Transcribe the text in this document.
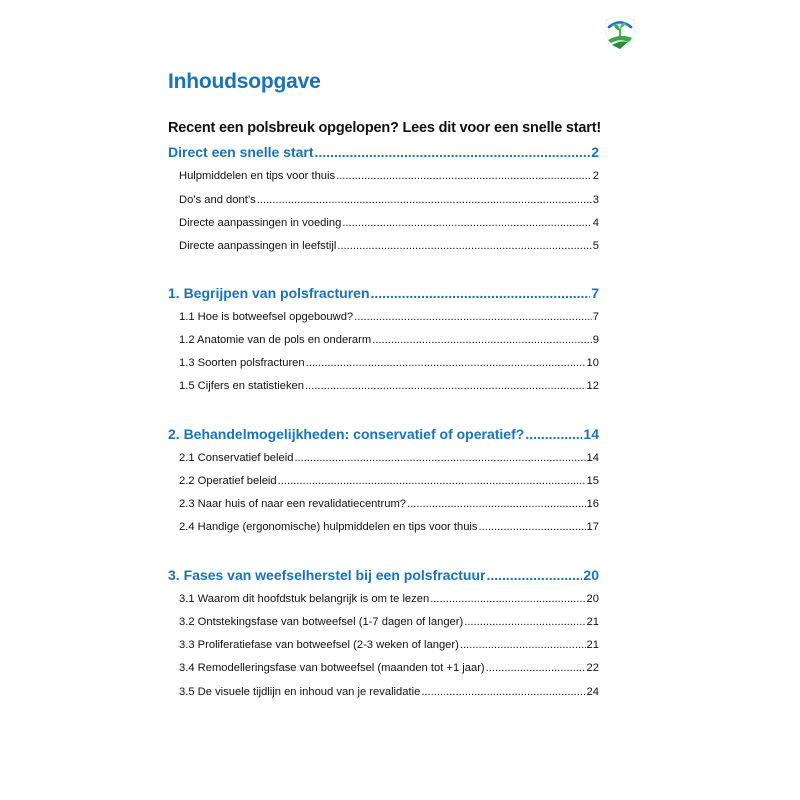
Inhoudsopgave
Recent een polsbreuk opgelopen? Lees dit voor een snelle start!
Direct een snelle start .....	2
Hulpmiddelen en tips voor thuis .....	2
Do’s and dont’s .....	3
Directe aanpassingen in voeding .....	4
Directe aanpassingen in leefstijl .....	5
1. Begrijpen van polsfracturen .....	7
1.1 Hoe is botweefsel opgebouwd? .....	7
1.2 Anatomie van de pols en onderarm .....	9
1.3 Soorten polsfracturen .....	10
1.5 Cijfers en statistieken .....	12
2. Behandelmogelijkheden: conservatief of operatief? .....	14
2.1 Conservatief beleid .....	14
2.2 Operatief beleid .....	15
2.3 Naar huis of naar een revalidatiecentrum? .....	16
2.4 Handige (ergonomische) hulpmiddelen en tips voor thuis .....	17
3. Fases van weefselherstel bij een polsfractuur .....	20
3.1 Waarom dit hoofdstuk belangrijk is om te lezen .....	20
3.2 Ontstekingsfase van botweefsel (1-7 dagen of langer) .....	21
3.3 Proliferatiefase van botweefsel (2-3 weken of langer) .....	21
3.4 Remodelleringsfase van botweefsel (maanden tot +1 jaar) .....	22
3.5 De visuele tijdlijn en inhoud van je revalidatie .....	24
